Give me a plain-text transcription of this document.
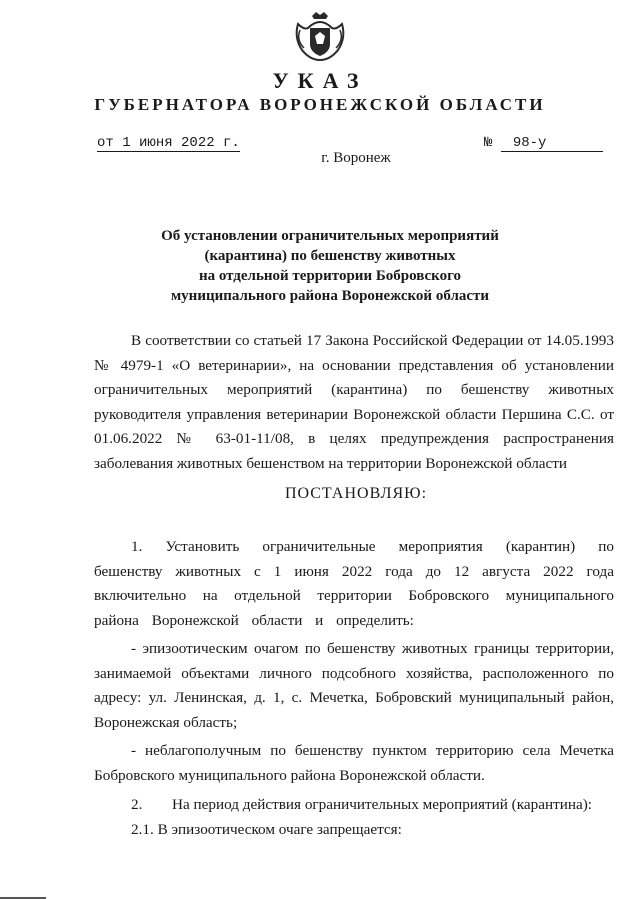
УКАЗ
ГУБЕРНАТОРА ВОРОНЕЖСКОЙ ОБЛАСТИ
от 1 июня 2022 г.	№ 98-у
г. Воронеж
Об установлении ограничительных мероприятий
(карантина) по бешенству животных
на отдельной территории Бобровского
муниципального района Воронежской области

В соответствии со статьей 17 Закона Российской Федерации от 14.05.1993 № 4979-1 «О ветеринарии», на основании представления об установлении ограничительных мероприятий (карантина) по бешенству животных руководителя управления ветеринарии Воронежской области Першина С.С. от 01.06.2022 № 63-01-11/08, в целях предупреждения распространения заболевания животных бешенством на территории Воронежской области

ПОСТАНОВЛЯЮ:

1. Установить ограничительные мероприятия (карантин) по бешенству животных с 1 июня 2022 года до 12 августа 2022 года включительно на отдельной территории Бобровского муниципального района Воронежской области и определить:

- эпизоотическим очагом по бешенству животных границы территории, занимаемой объектами личного подсобного хозяйства, расположенного по адресу: ул. Ленинская, д. 1, с. Мечетка, Бобровский муниципальный район, Воронежская область;

- неблагополучным по бешенству пунктом территорию села Мечетка Бобровского муниципального района Воронежской области.

2. На период действия ограничительных мероприятий (карантина):
2.1. В эпизоотическом очаге запрещается:
